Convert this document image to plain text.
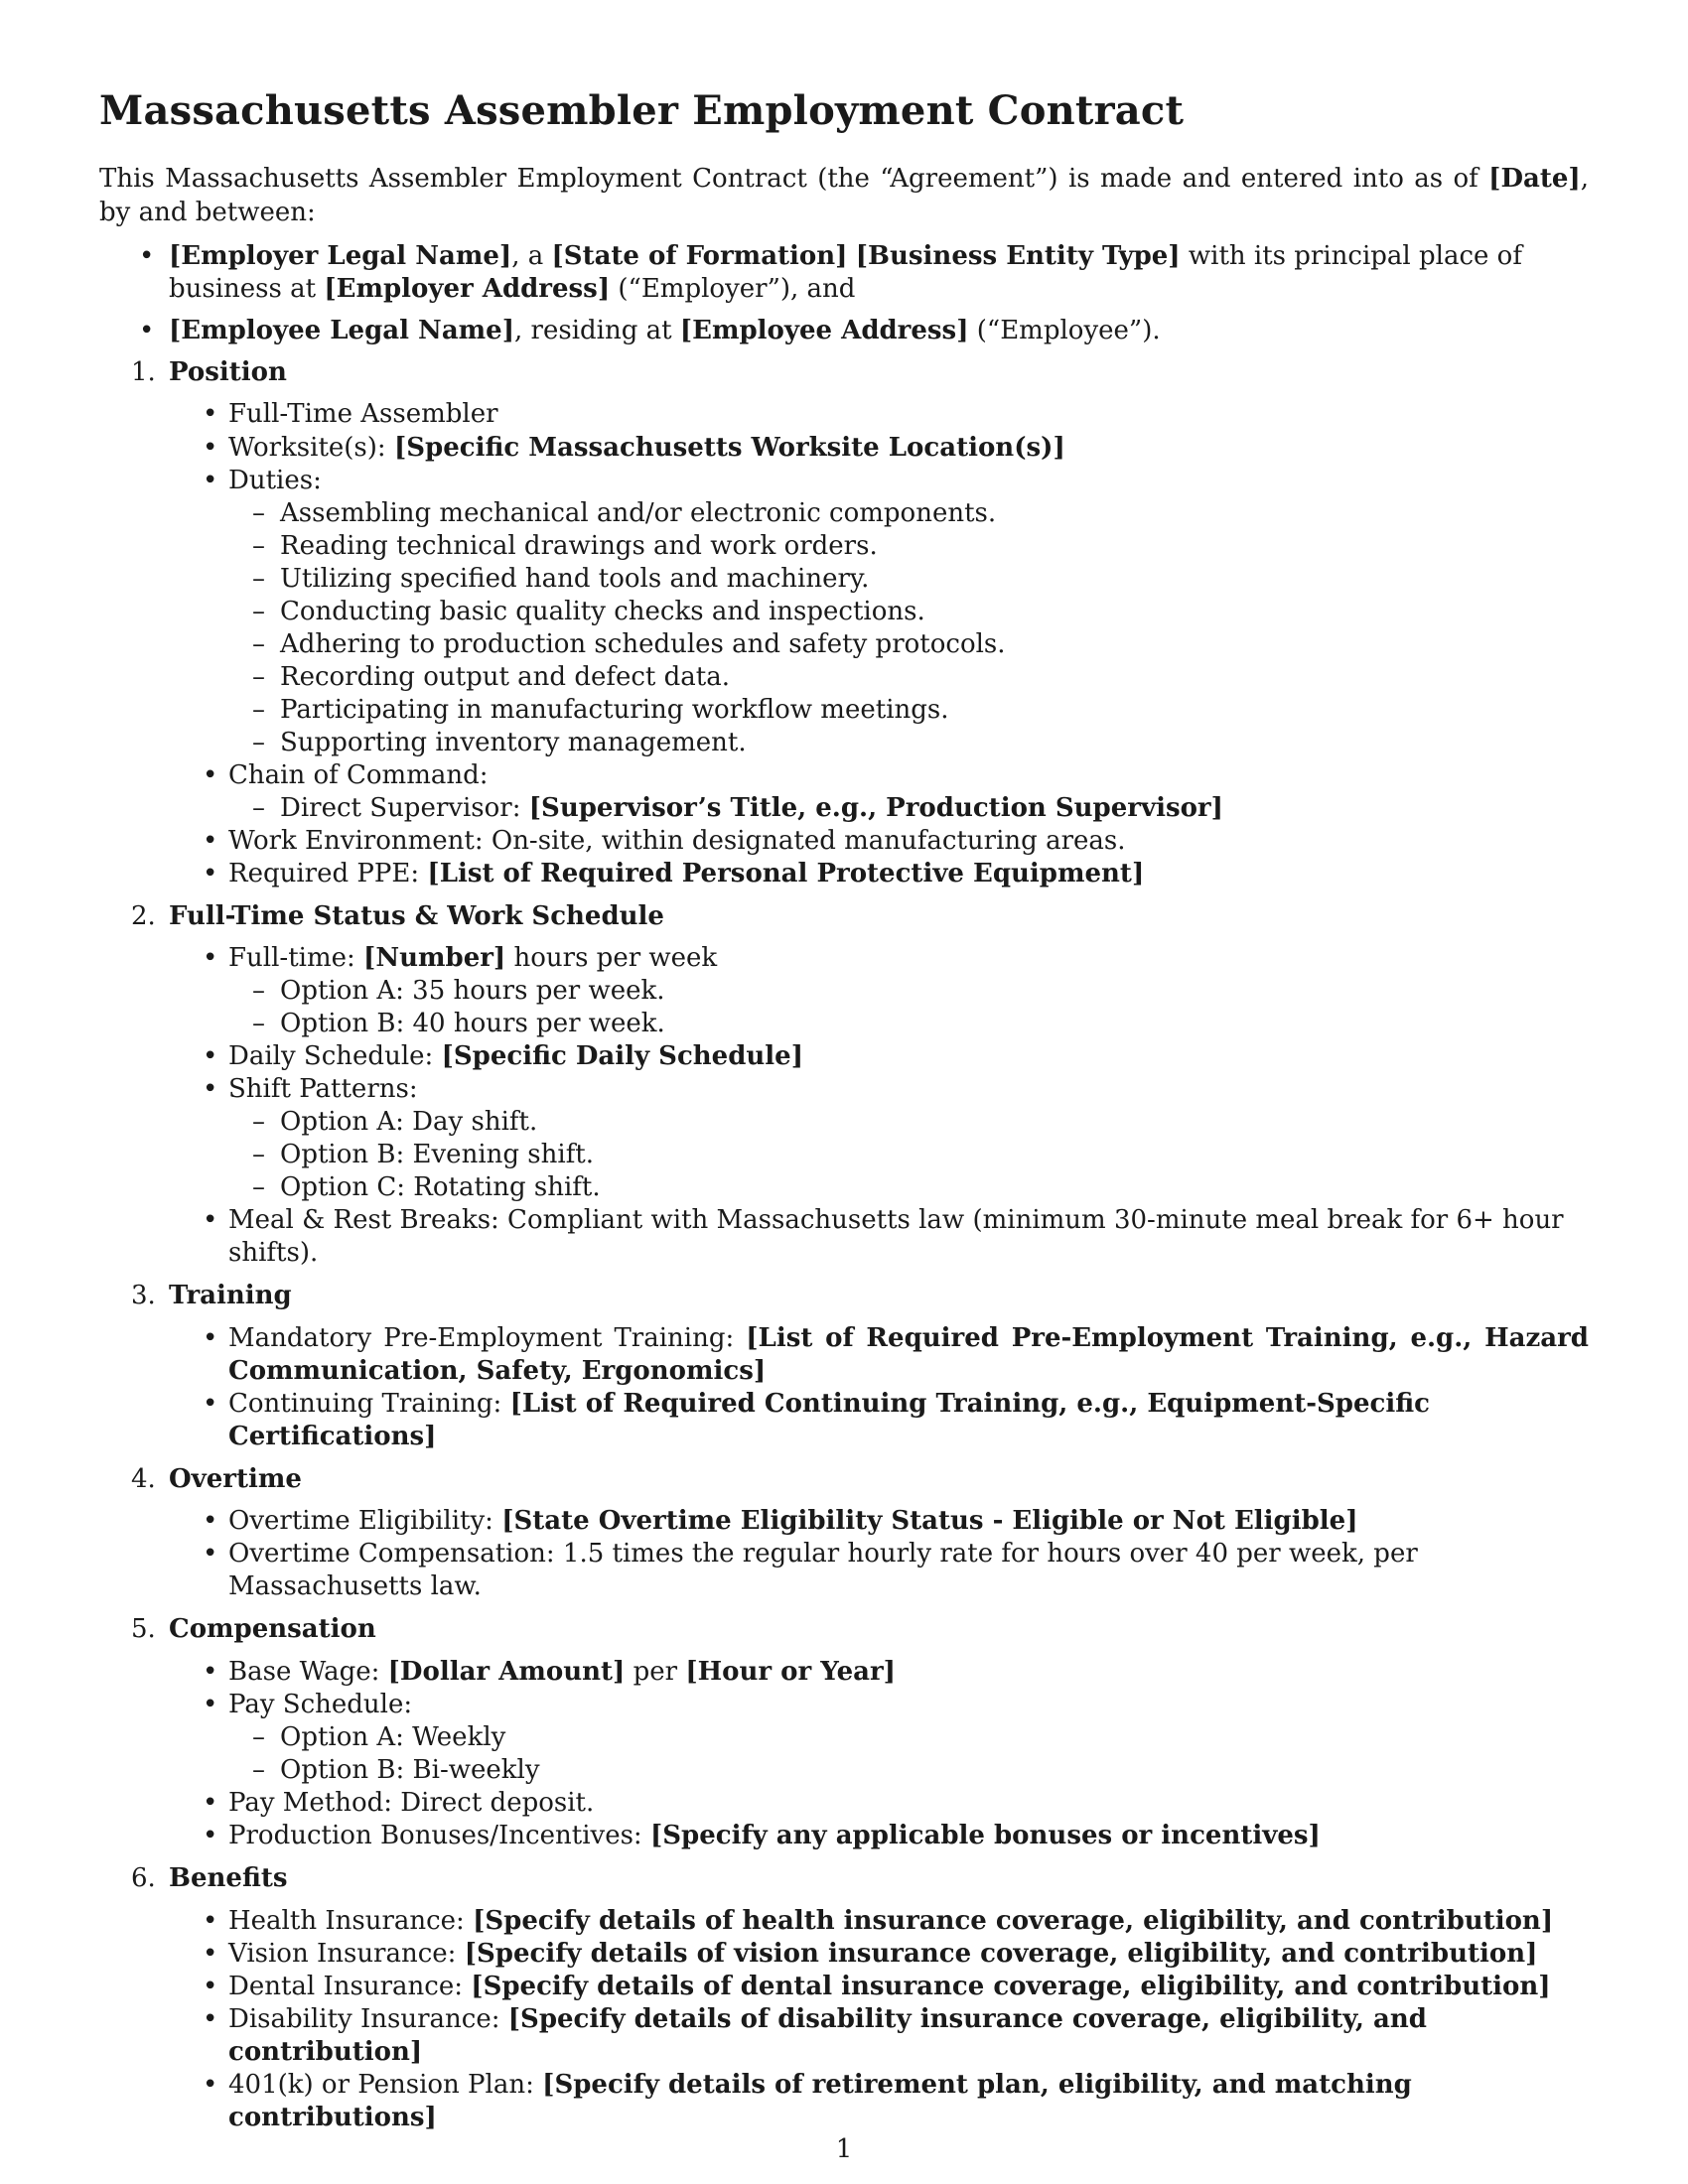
Massachusetts Assembler Employment Contract

This Massachusetts Assembler Employment Contract (the “Agreement”) is made and entered into as of [Date], by and between:

• [Employer Legal Name], a [State of Formation] [Business Entity Type] with its principal place of business at [Employer Address] (“Employer”), and
• [Employee Legal Name], residing at [Employee Address] (“Employee”).
1. Position
• Full-Time Assembler
• Worksite(s): [Specific Massachusetts Worksite Location(s)]
• Duties:
– Assembling mechanical and/or electronic components.
– Reading technical drawings and work orders.
– Utilizing specified hand tools and machinery.
– Conducting basic quality checks and inspections.
– Adhering to production schedules and safety protocols.
– Recording output and defect data.
– Participating in manufacturing workflow meetings.
– Supporting inventory management.
• Chain of Command:
– Direct Supervisor: [Supervisor’s Title, e.g., Production Supervisor]
• Work Environment: On-site, within designated manufacturing areas.
• Required PPE: [List of Required Personal Protective Equipment]
2. Full-Time Status & Work Schedule
• Full-time: [Number] hours per week
– Option A: 35 hours per week.
– Option B: 40 hours per week.
• Daily Schedule: [Specific Daily Schedule]
• Shift Patterns:
– Option A: Day shift.
– Option B: Evening shift.
– Option C: Rotating shift.
• Meal & Rest Breaks: Compliant with Massachusetts law (minimum 30-minute meal break for 6+ hour shifts).
3. Training
• Mandatory Pre-Employment Training: [List of Required Pre-Employment Training, e.g., Hazard Communication, Safety, Ergonomics]
• Continuing Training: [List of Required Continuing Training, e.g., Equipment-Specific Certifications]
4. Overtime
• Overtime Eligibility: [State Overtime Eligibility Status - Eligible or Not Eligible]
• Overtime Compensation: 1.5 times the regular hourly rate for hours over 40 per week, per Massachusetts law.
5. Compensation
• Base Wage: [Dollar Amount] per [Hour or Year]
• Pay Schedule:
– Option A: Weekly
– Option B: Bi-weekly
• Pay Method: Direct deposit.
• Production Bonuses/Incentives: [Specify any applicable bonuses or incentives]
6. Benefits
• Health Insurance: [Specify details of health insurance coverage, eligibility, and contribution]
• Vision Insurance: [Specify details of vision insurance coverage, eligibility, and contribution]
• Dental Insurance: [Specify details of dental insurance coverage, eligibility, and contribution]
• Disability Insurance: [Specify details of disability insurance coverage, eligibility, and contribution]
• 401(k) or Pension Plan: [Specify details of retirement plan, eligibility, and matching contributions]
1
